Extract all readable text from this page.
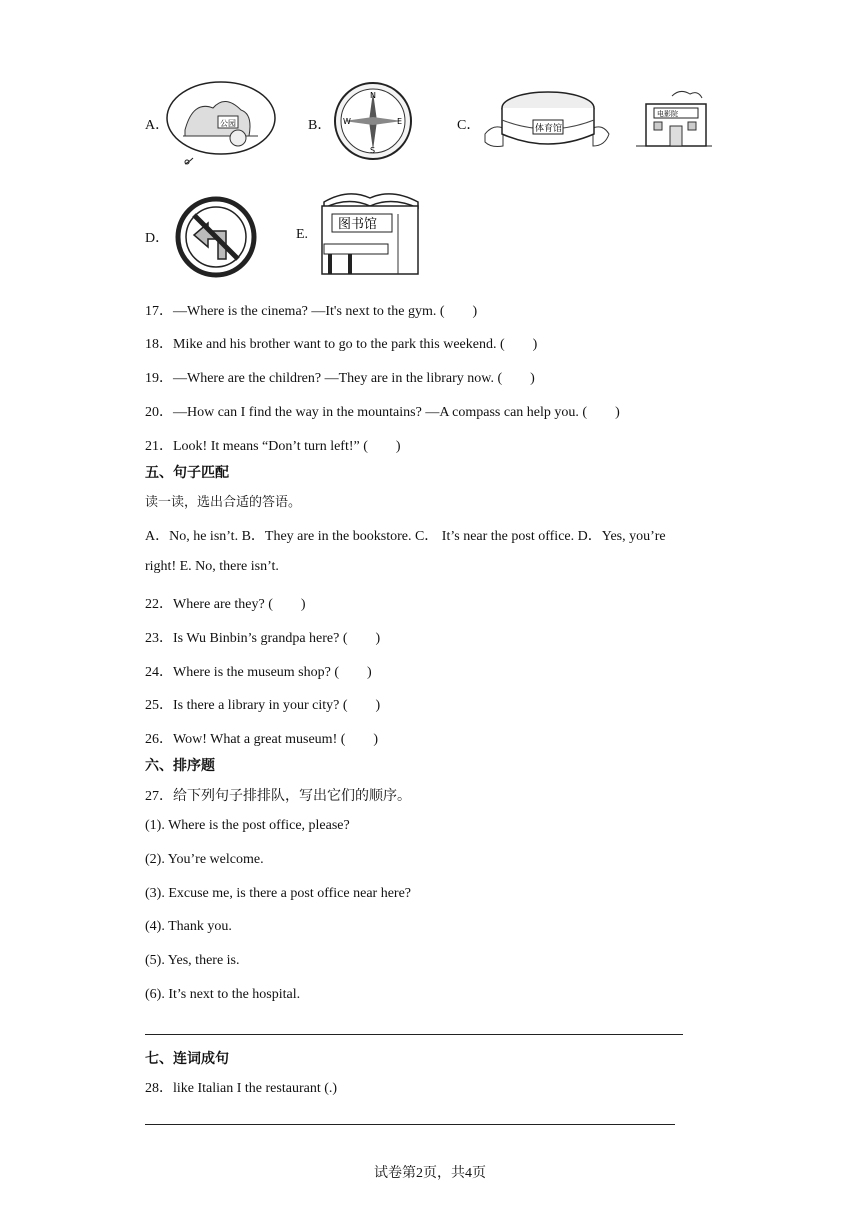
A．	公园	B．
N
S
E
W	C．	体育馆
电影院
D．	E.
图书馆
17．—Where is the cinema? —It's next to the gym. (　　)
18．Mike and his brother want to go to the park this weekend. (　　)
19．—Where are the children? —They are in the library now. (　　)
20．—How can I find the way in the mountains? —A compass can help you. (　　)
21．Look! It means “Don’t turn left!” (　　)
五、句子匹配
读一读，选出合适的答语。
A．No, he isn’t. B．They are in the bookstore. C． It’s near the post office. D．Yes, you’re
right! E. No, there isn’t.
22．Where are they? (　　)
23．Is Wu Binbin’s grandpa here? (　　)
24．Where is the museum shop? (　　)
25．Is there a library in your city? (　　)
26．Wow! What a great museum! (　　)
六、排序题
27．给下列句子排排队，写出它们的顺序。
(1). Where is the post office, please?
(2). You’re welcome.
(3). Excuse me, is there a post office near here?
(4). Thank you.
(5). Yes, there is.
(6). It’s next to the hospital.
七、连词成句
28．like Italian I the restaurant (.)
试卷第2页，共4页
